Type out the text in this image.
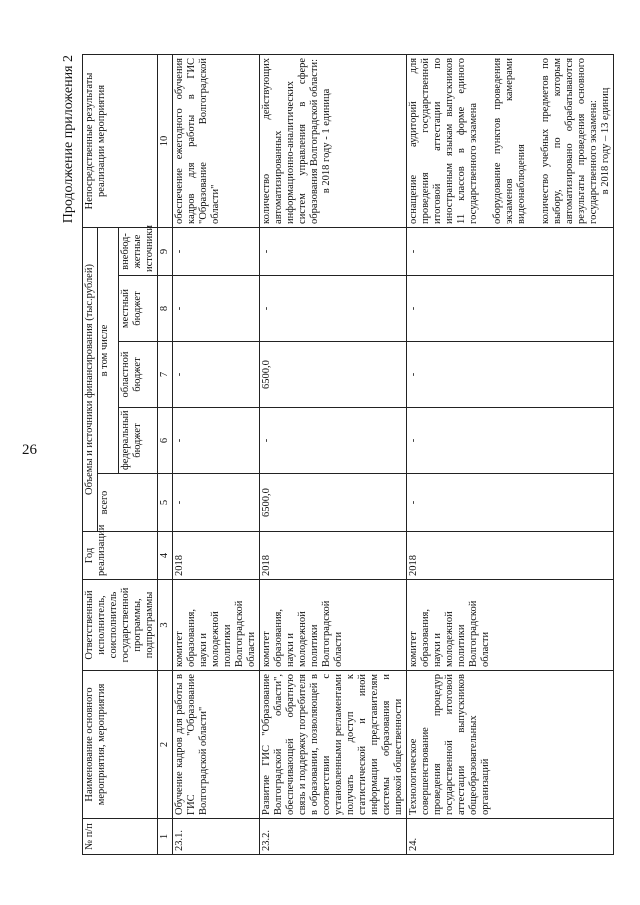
26
Продолжение приложения 2
№ п/п	Наименование основного мероприятия, мероприятия	Ответственный исполнитель, соисполнитель государственной программы, подпрограммы	Год реализации	Объемы и источники финансирования (тыс.рублей)					Непосредственные результаты реализации мероприятия
				всего	в том числе				
					федеральный бюджет	областной бюджет	местный бюджет	внебюд- жетные источники	
1	2	3	4	5	6	7	8	9	10
23.1.	Обучение кадров для работы в ГИС "Образование Волгоградской области"	комитет образования, науки и молодежной политики Волгоградской области	2018	-	-	-	-	-	обеспечение ежегодного обучения кадров для работы в ГИС "Образование Волгоградской области"

23.2.	Развитие ГИС "Образование Волгоградской области", обеспечивающей обратную связь и поддержку потребителя в образовании, позволяющей в соответствии с установленными регламентами получать доступ к статистической и иной информации представителям системы образования и широкой общественности	комитет образования, науки и молодежной политики Волгоградской области	2018	6500,0	-	6500,0	-	-	количество действующих автоматизированных информационно-аналитических систем управления в сфере образования Волгоградской области: в 2018 году - 1 единица

24.	Технологическое совершенствование проведения процедур государственной итоговой аттестации выпускников общеобразовательных организаций	комитет образования, науки и молодежной политики Волгоградской области	2018	-	-	-	-	-	оснащение аудиторий для проведения государственной итоговой аттестации по иностранным языкам выпускников 11 классов в форме единого государственного экзамена оборудование пунктов проведения экзаменов камерами видеонаблюдения количество учебных предметов по выбору, по которым автоматизировано обрабатываются результаты проведения основного государственного экзамена: в 2018 году – 13 единиц
